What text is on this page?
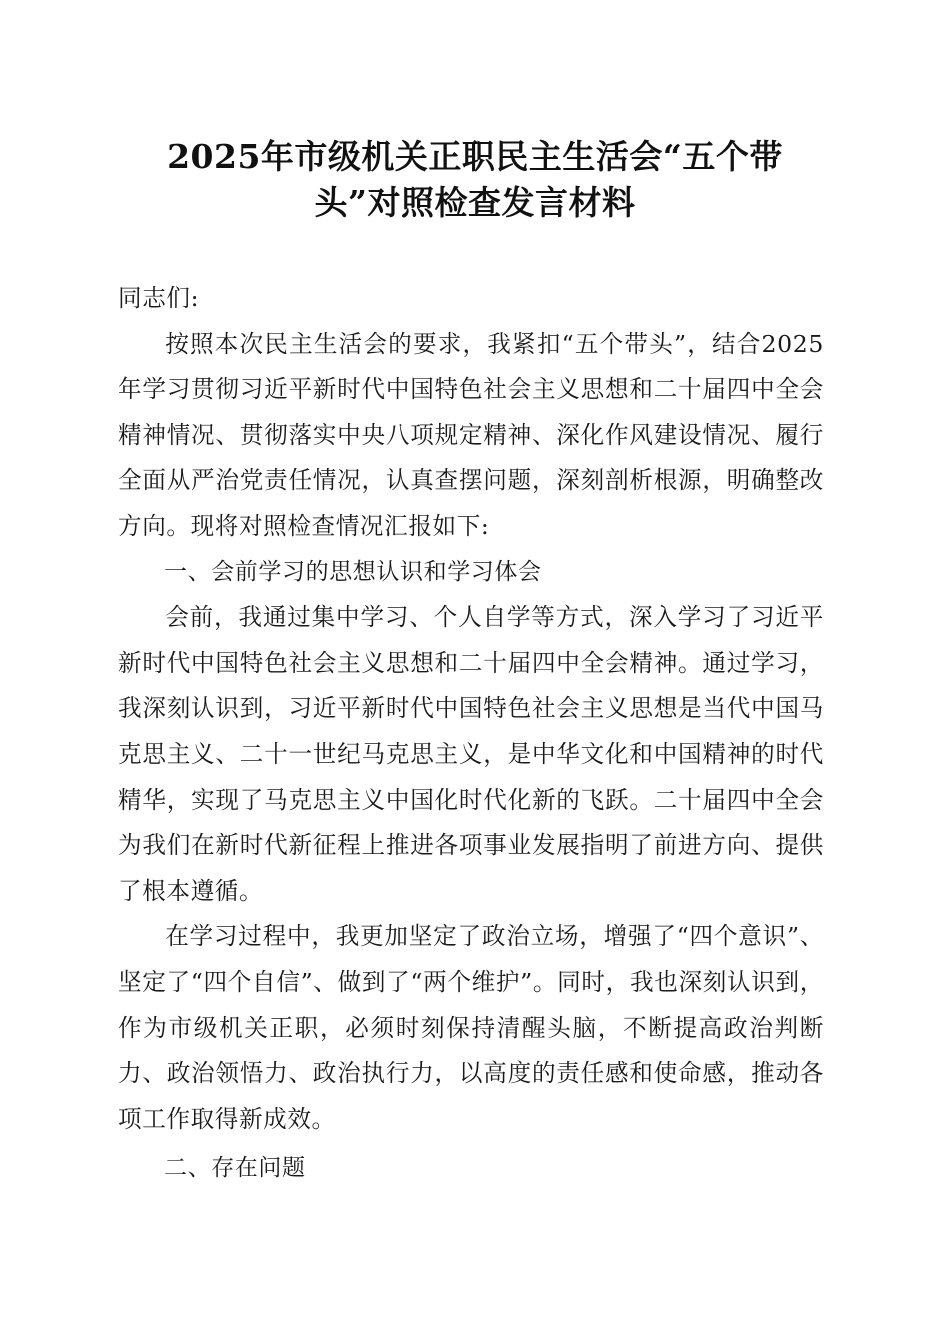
2025年市级机关正职民主生活会“五个带
头”对照检查发言材料

同志们:

按照本次民主生活会的要求，我紧扣“五个带头”，结合2025年学习贯彻习近平新时代中国特色社会主义思想和二十届四中全会精神情况、贯彻落实中央八项规定精神、深化作风建设情况、履行全面从严治党责任情况，认真查摆问题，深刻剖析根源，明确整改方向。现将对照检查情况汇报如下:

一、会前学习的思想认识和学习体会

会前，我通过集中学习、个人自学等方式，深入学习了习近平新时代中国特色社会主义思想和二十届四中全会精神。通过学习，我深刻认识到，习近平新时代中国特色社会主义思想是当代中国马克思主义、二十一世纪马克思主义，是中华文化和中国精神的时代精华，实现了马克思主义中国化时代化新的飞跃。二十届四中全会为我们在新时代新征程上推进各项事业发展指明了前进方向、提供了根本遵循。

在学习过程中，我更加坚定了政治立场，增强了“四个意识”、坚定了“四个自信”、做到了“两个维护”。同时，我也深刻认识到，作为市级机关正职，必须时刻保持清醒头脑，不断提高政治判断力、政治领悟力、政治执行力，以高度的责任感和使命感，推动各项工作取得新成效。

二、存在问题
